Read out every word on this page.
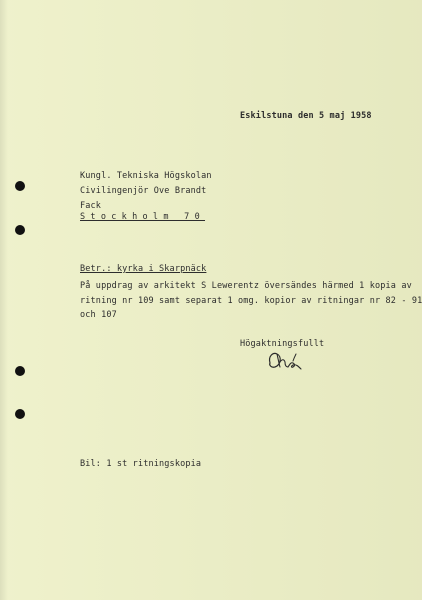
Eskilstuna den 5 maj 1958
Kungl. Tekniska Högskolan
Civilingenjör Ove Brandt
Fack
Stockholm 70
Betr.: kyrka i Skarpnäck
På uppdrag av arkitekt S Lewerentz översändes härmed 1 kopia av
ritning nr 109 samt separat 1 omg. kopior av ritningar nr 82 - 91
och 107
Högaktningsfullt
Bil: 1 st ritningskopia
